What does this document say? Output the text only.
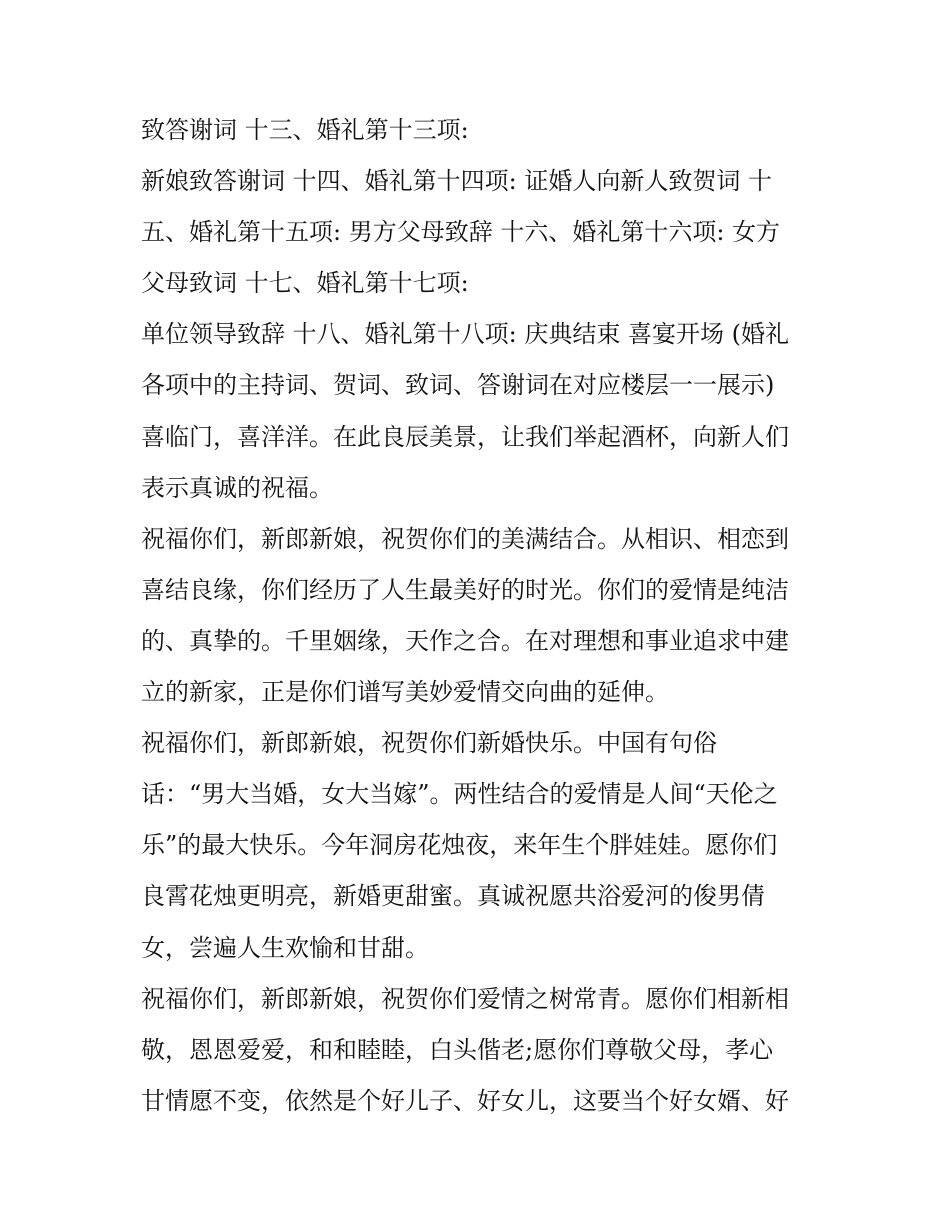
致答谢词 十三、婚礼第十三项:
新娘致答谢词 十四、婚礼第十四项: 证婚人向新人致贺词 十
五、婚礼第十五项: 男方父母致辞 十六、婚礼第十六项: 女方
父母致词 十七、婚礼第十七项:
单位领导致辞 十八、婚礼第十八项: 庆典结束 喜宴开场 (婚礼
各项中的主持词、贺词、致词、答谢词在对应楼层一一展示)
喜临门，喜洋洋。在此良辰美景，让我们举起酒杯，向新人们
表示真诚的祝福。
祝福你们，新郎新娘，祝贺你们的美满结合。从相识、相恋到
喜结良缘，你们经历了人生最美好的时光。你们的爱情是纯洁
的、真挚的。千里姻缘，天作之合。在对理想和事业追求中建
立的新家，正是你们谱写美妙爱情交向曲的延伸。
祝福你们，新郎新娘，祝贺你们新婚快乐。中国有句俗
话：“男大当婚，女大当嫁”。两性结合的爱情是人间“天伦之
乐”的最大快乐。今年洞房花烛夜，来年生个胖娃娃。愿你们
良霄花烛更明亮，新婚更甜蜜。真诚祝愿共浴爱河的俊男倩
女，尝遍人生欢愉和甘甜。
祝福你们，新郎新娘，祝贺你们爱情之树常青。愿你们相新相
敬，恩恩爱爱，和和睦睦，白头偕老;愿你们尊敬父母，孝心
甘情愿不变，依然是个好儿子、好女儿，这要当个好女婿、好
